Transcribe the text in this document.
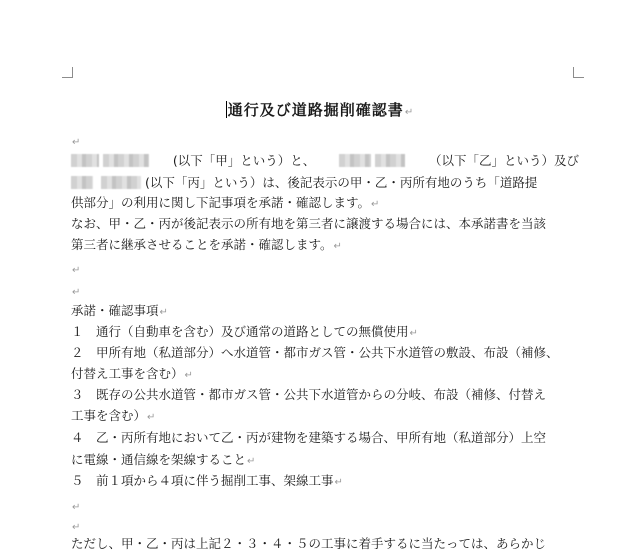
通行及び道路掘削確認書↵
↵

(以下「甲」という）と、
	（以下「乙」という）及び
(以下「丙」という）は、後記表示の甲・乙・丙所有地のうち「道路提
供部分」の利用に関し下記事項を承諾・確認します。↵
なお、甲・乙・丙が後記表示の所有地を第三者に譲渡する場合には、本承諾書を当該
第三者に継承させることを承諾・確認します。↵
↵
↵
承諾・確認事項↵
１　通行（自動車を含む）及び通常の道路としての無償使用↵
２　甲所有地（私道部分）へ水道管・都市ガス管・公共下水道管の敷設、布設（補修、
付替え工事を含む）↵
３　既存の公共水道管・都市ガス管・公共下水道管からの分岐、布設（補修、付替え
工事を含む）↵
４　乙・丙所有地において乙・丙が建物を建築する場合、甲所有地（私道部分）上空
に電線・通信線を架線すること↵
５　前１項から４項に伴う掘削工事、架線工事↵
↵
↵
ただし、甲・乙・丙は上記２・３・４・５の工事に着手するに当たっては、あらかじ
